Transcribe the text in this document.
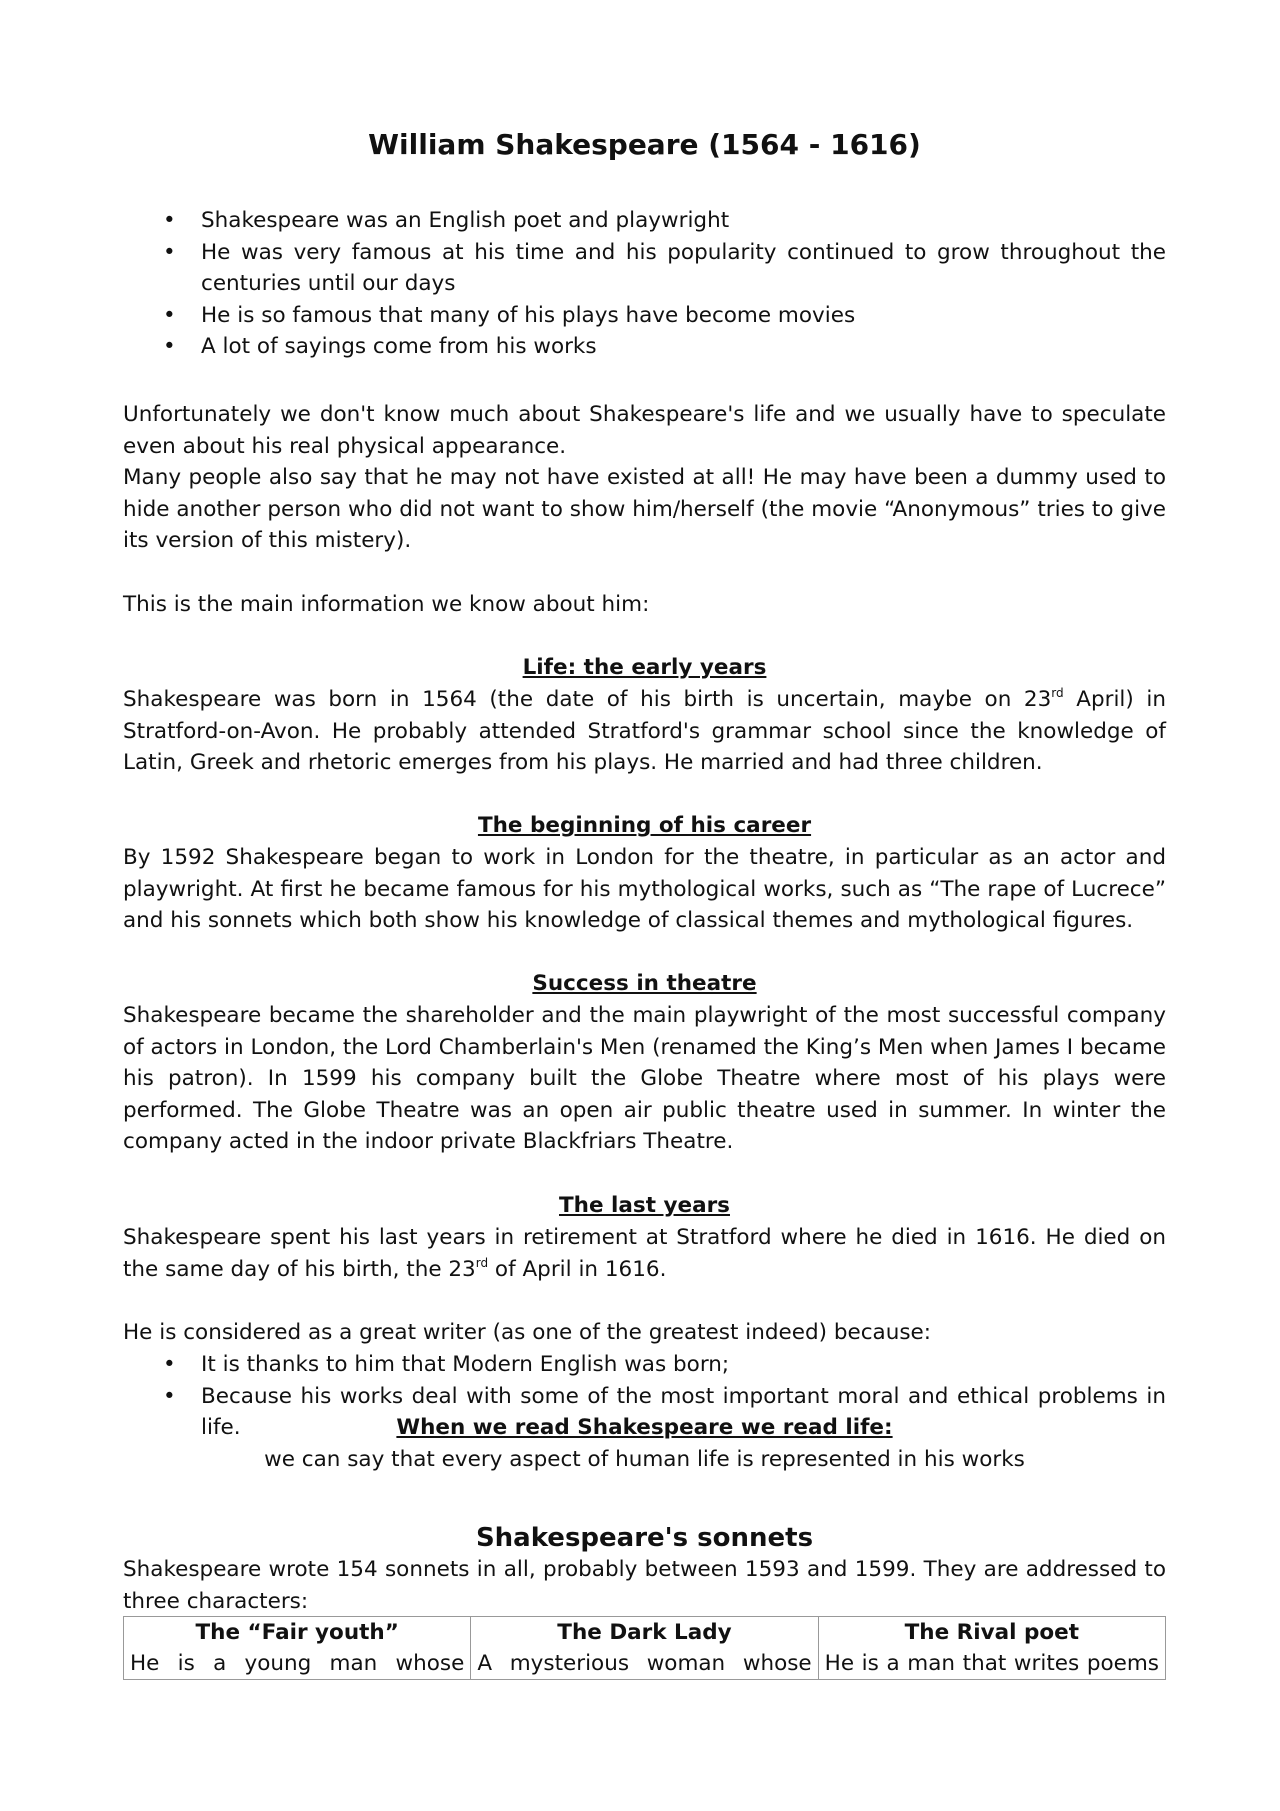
William Shakespeare (1564 - 1616)
• Shakespeare was an English poet and playwright
• He was very famous at his time and his popularity continued to grow throughout the centuries until our days
• He is so famous that many of his plays have become movies
• A lot of sayings come from his works

Unfortunately we don't know much about Shakespeare's life and we usually have to speculate even about his real physical appearance.

Many people also say that he may not have existed at all! He may have been a dummy used to hide another person who did not want to show him/herself (the movie “Anonymous” tries to give its version of this mistery).

This is the main information we know about him:

Life: the early years

Shakespeare was born in 1564 (the date of his birth is uncertain, maybe on 23rd April) in Stratford-on-Avon. He probably attended Stratford's grammar school since the knowledge of Latin, Greek and rhetoric emerges from his plays. He married and had three children.

The beginning of his career

By 1592 Shakespeare began to work in London for the theatre, in particular as an actor and playwright. At first he became famous for his mythological works, such as “The rape of Lucrece” and his sonnets which both show his knowledge of classical themes and mythological figures.

Success in theatre

Shakespeare became the shareholder and the main playwright of the most successful company of actors in London, the Lord Chamberlain's Men (renamed the King’s Men when James I became his patron). In 1599 his company built the Globe Theatre where most of his plays were performed. The Globe Theatre was an open air public theatre used in summer. In winter the company acted in the indoor private Blackfriars Theatre.

The last years

Shakespeare spent his last years in retirement at Stratford where he died in 1616. He died on the same day of his birth, the 23rd of April in 1616.

He is considered as a great writer (as one of the greatest indeed) because:

• It is thanks to him that Modern English was born;
• Because his works deal with some of the most important moral and ethical problems in life.	When we read Shakespeare we read life:

we can say that every aspect of human life is represented in his works

Shakespeare's sonnets

Shakespeare wrote 154 sonnets in all, probably between 1593 and 1599. They are addressed to three characters:

The “Fair youth”	The Dark Lady	The Rival poet
He is a young man whose	A mysterious woman whose	He is a man that writes poems
